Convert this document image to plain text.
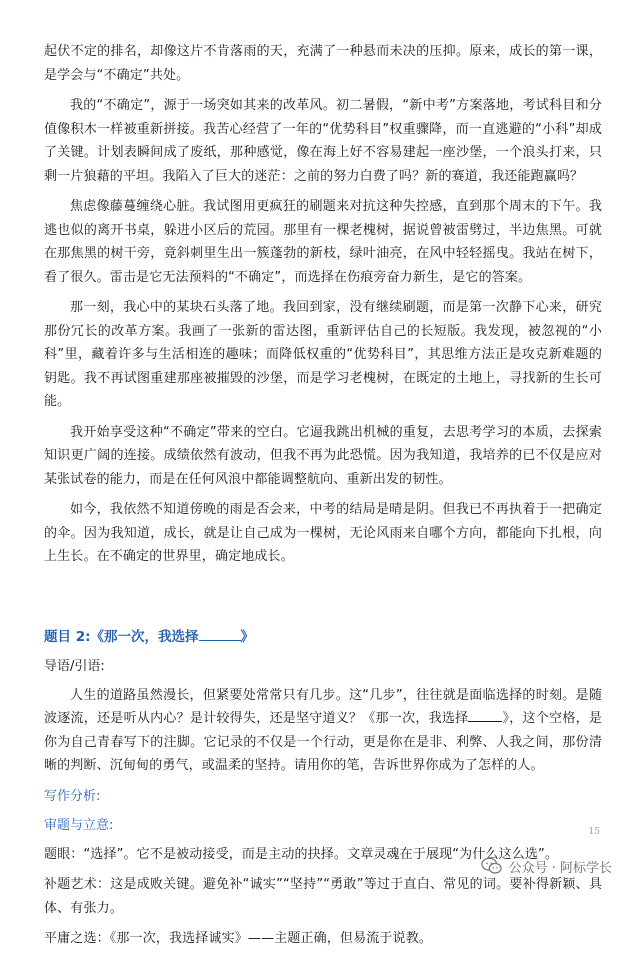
起伏不定的排名，却像这片不肯落雨的天，充满了一种悬而未决的压抑。原来，成长的第一课，是学会与“不确定”共处。

我的“不确定”，源于一场突如其来的改革风。初二暑假，“新中考”方案落地，考试科目和分值像积木一样被重新拼接。我苦心经营了一年的“优势科目”权重骤降，而一直逃避的“小科”却成了关键。计划表瞬间成了废纸，那种感觉，像在海上好不容易建起一座沙堡，一个浪头打来，只剩一片狼藉的平坦。我陷入了巨大的迷茫：之前的努力白费了吗？新的赛道，我还能跑赢吗？

焦虑像藤蔓缠绕心脏。我试图用更疯狂的刷题来对抗这种失控感，直到那个周末的下午。我逃也似的离开书桌，躲进小区后的荒园。那里有一棵老槐树，据说曾被雷劈过，半边焦黑。可就在那焦黑的树干旁，竟斜刺里生出一簇蓬勃的新枝，绿叶油亮，在风中轻轻摇曳。我站在树下，看了很久。雷击是它无法预料的“不确定”，而选择在伤痕旁奋力新生，是它的答案。

那一刻，我心中的某块石头落了地。我回到家，没有继续刷题，而是第一次静下心来，研究那份冗长的改革方案。我画了一张新的雷达图，重新评估自己的长短版。我发现，被忽视的“小科”里，藏着许多与生活相连的趣味；而降低权重的“优势科目”，其思维方法正是攻克新难题的钥匙。我不再试图重建那座被摧毁的沙堡，而是学习老槐树，在既定的土地上，寻找新的生长可能。

我开始享受这种“不确定”带来的空白。它逼我跳出机械的重复，去思考学习的本质，去探索知识更广阔的连接。成绩依然有波动，但我不再为此恐慌。因为我知道，我培养的已不仅是应对某张试卷的能力，而是在任何风浪中都能调整航向、重新出发的韧性。

如今，我依然不知道傍晚的雨是否会来，中考的结局是晴是阴。但我已不再执着于一把确定的伞。因为我知道，成长，就是让自己成为一棵树，无论风雨来自哪个方向，都能向下扎根，向上生长。在不确定的世界里，确定地成长。

题目 2:《那一次，我选择	》
导语/引语:

人生的道路虽然漫长，但紧要处常常只有几步。这“几步”，往往就是面临选择的时刻。是随波逐流，还是听从内心？是计较得失，还是坚守道义？《那一次，我选择	》，这个空格，是你为自己青春写下的注脚。它记录的不仅是一个行动，更是你在是非、利弊、人我之间，那份清晰的判断、沉甸甸的勇气，或温柔的坚持。请用你的笔，告诉世界你成为了怎样的人。

写作分析:
审题与立意:

题眼：“选择”。它不是被动接受，而是主动的抉择。文章灵魂在于展现“为什么这么选”。

补题艺术：这是成败关键。避免补“诚实”“坚持”“勇敢”等过于直白、常见的词。要补得新颖、具体、有张力。

平庸之选：《那一次，我选择诚实》——主题正确，但易流于说教。

15
公众号 · 阿标学长
